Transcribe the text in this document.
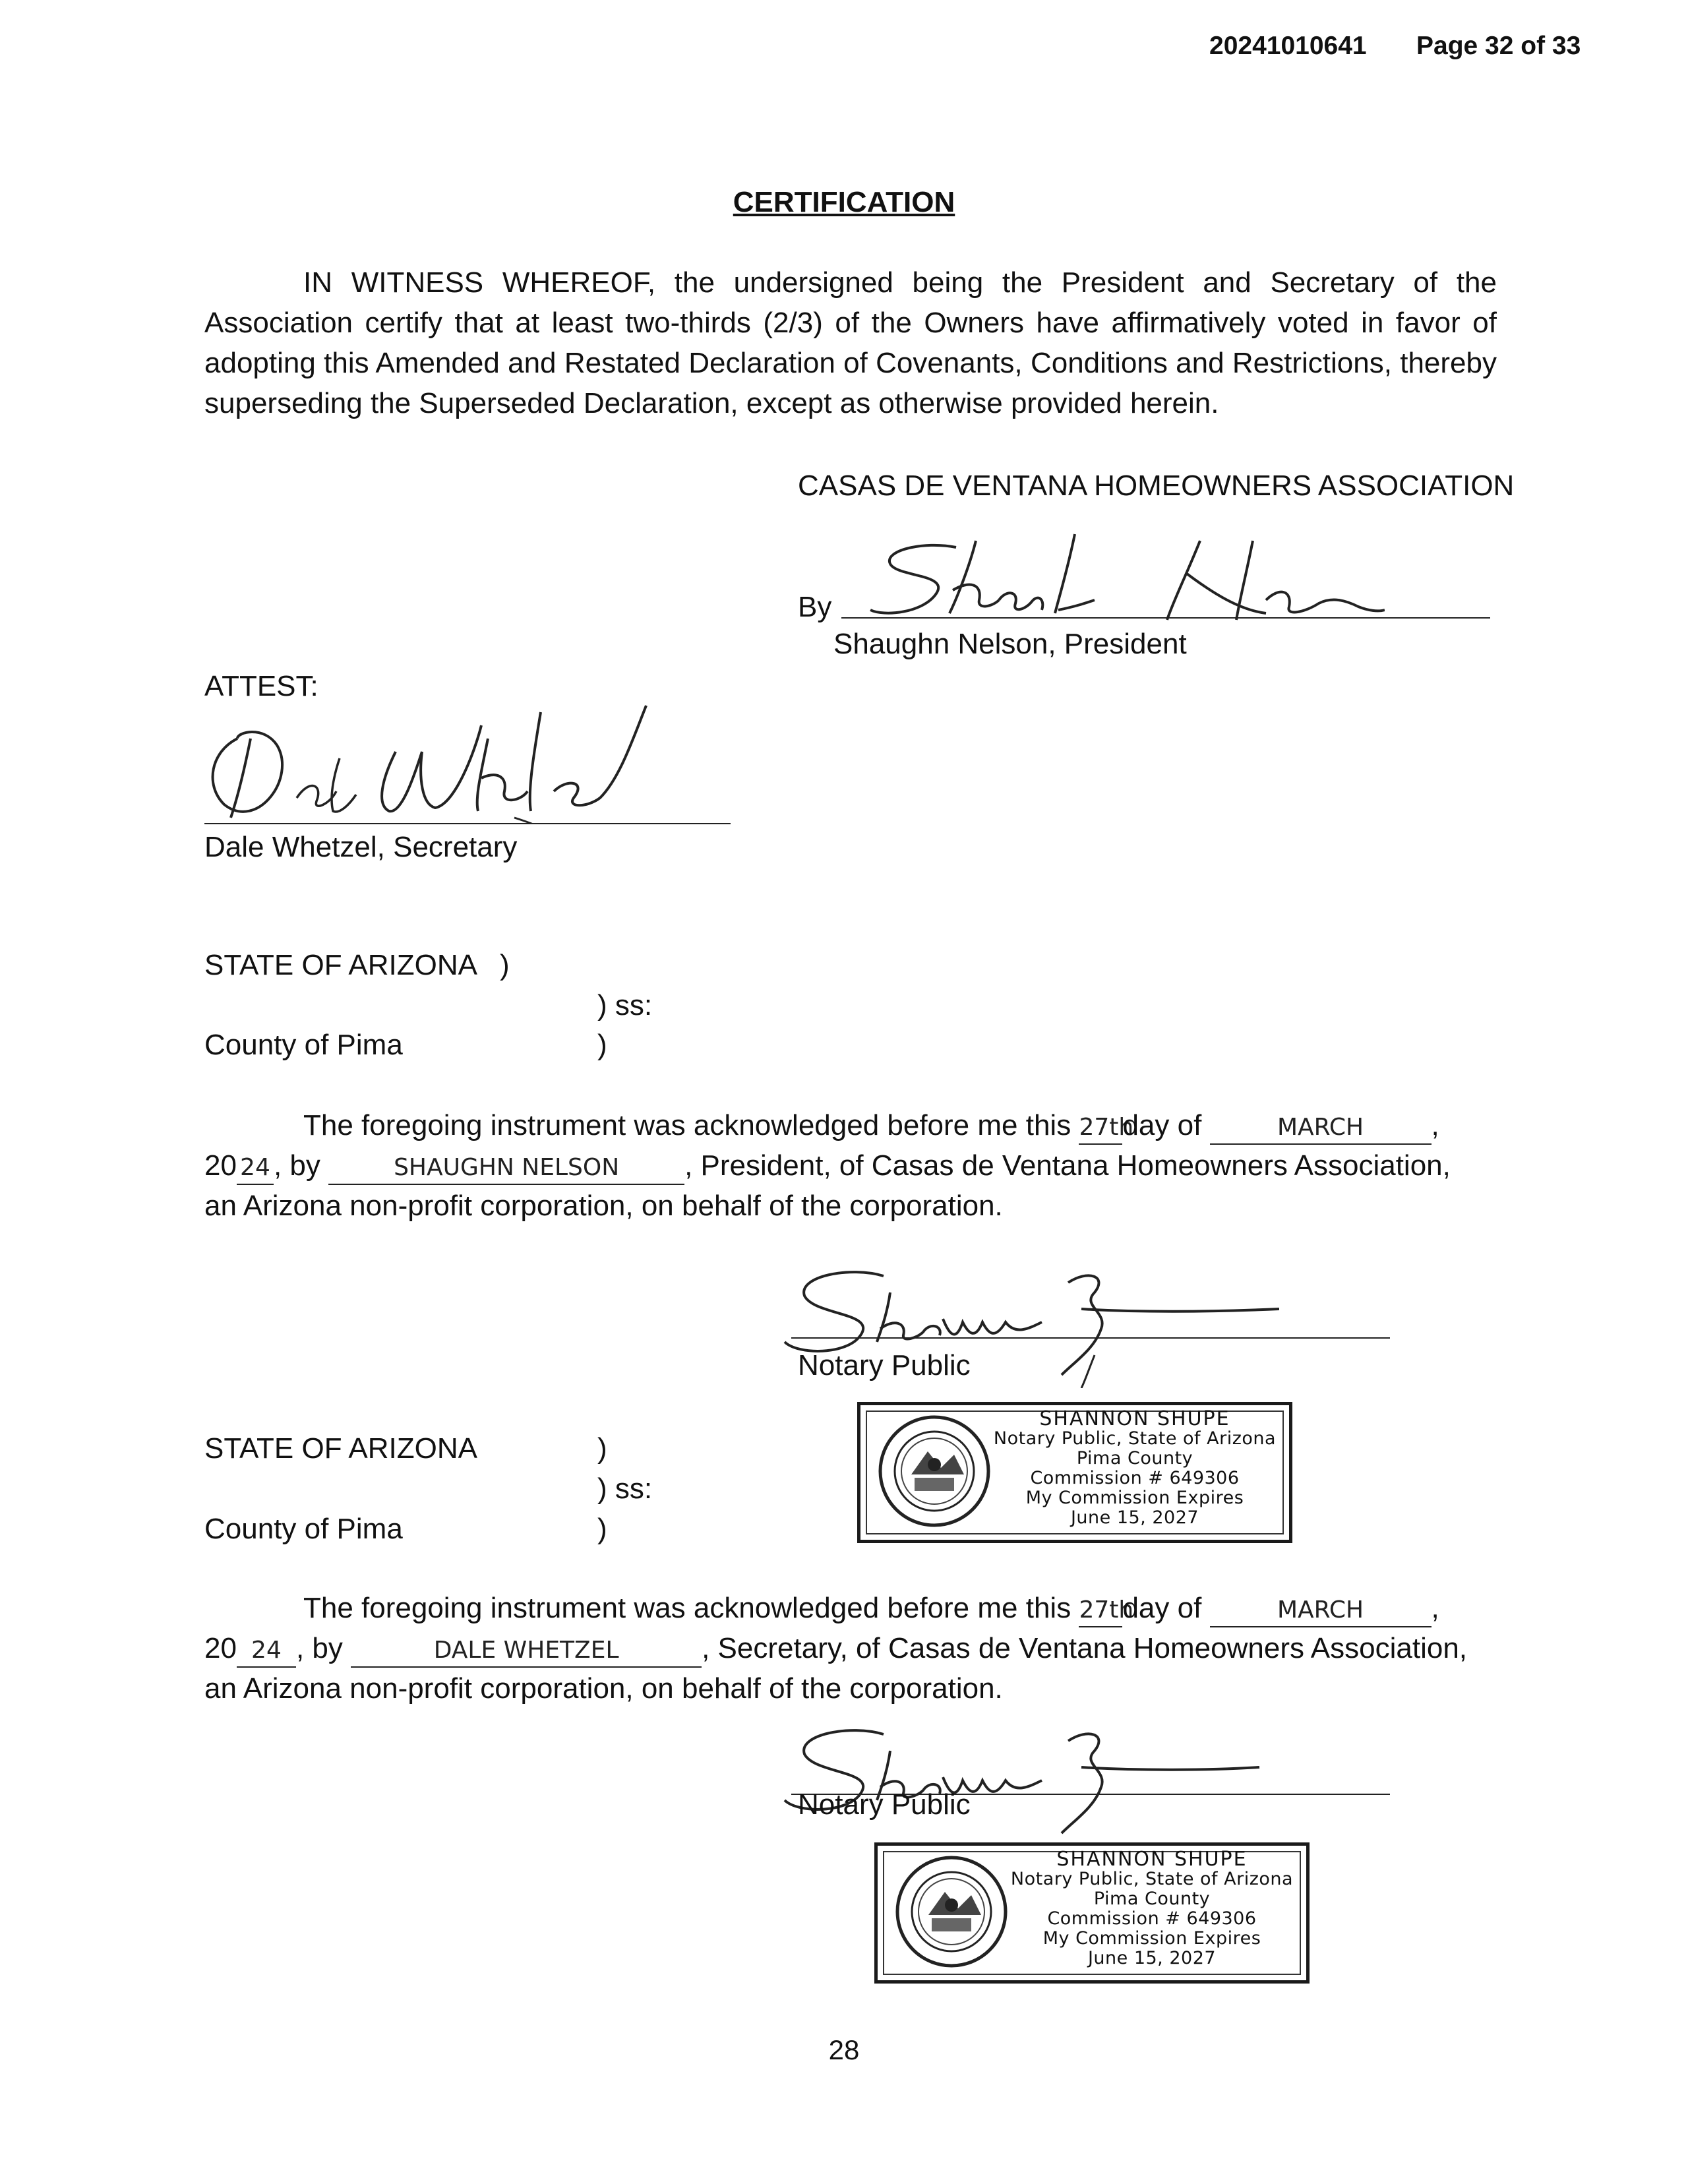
20241010641 Page 32 of 33
CERTIFICATION
IN WITNESS WHEREOF, the undersigned being the President and Secretary of the Association certify that at least two-thirds (2/3) of the Owners have affirmatively voted in favor of adopting this Amended and Restated Declaration of Covenants, Conditions and Restrictions, thereby superseding the Superseded Declaration, except as otherwise provided herein.
CASAS DE VENTANA HOMEOWNERS ASSOCIATION
By
Shaughn Nelson, President
ATTEST:
Dale Whetzel, Secretary
STATE OF ARIZONA )
) ss:
County of Pima	)
The foregoing instrument was acknowledged before me this 27thday of	MARCH ,
20 24 , by	SHAUGHN NELSON , President, of Casas de Ventana Homeowners Association,
an Arizona non-profit corporation, on behalf of the corporation.
Notary Public
SHANNON SHUPE
Notary Public, State of Arizona
Pima County
Commission # 649306
My Commission Expires
June 15, 2027
STATE OF ARIZONA	)
) ss:
County of Pima	)
The foregoing instrument was acknowledged before me this 27thday of	MARCH ,
20 24 , by	DALE WHETZEL	, Secretary, of Casas de Ventana Homeowners Association,
an Arizona non-profit corporation, on behalf of the corporation.
Notary Public
SHANNON SHUPE
Notary Public, State of Arizona
Pima County
Commission # 649306
My Commission Expires
June 15, 2027
28
